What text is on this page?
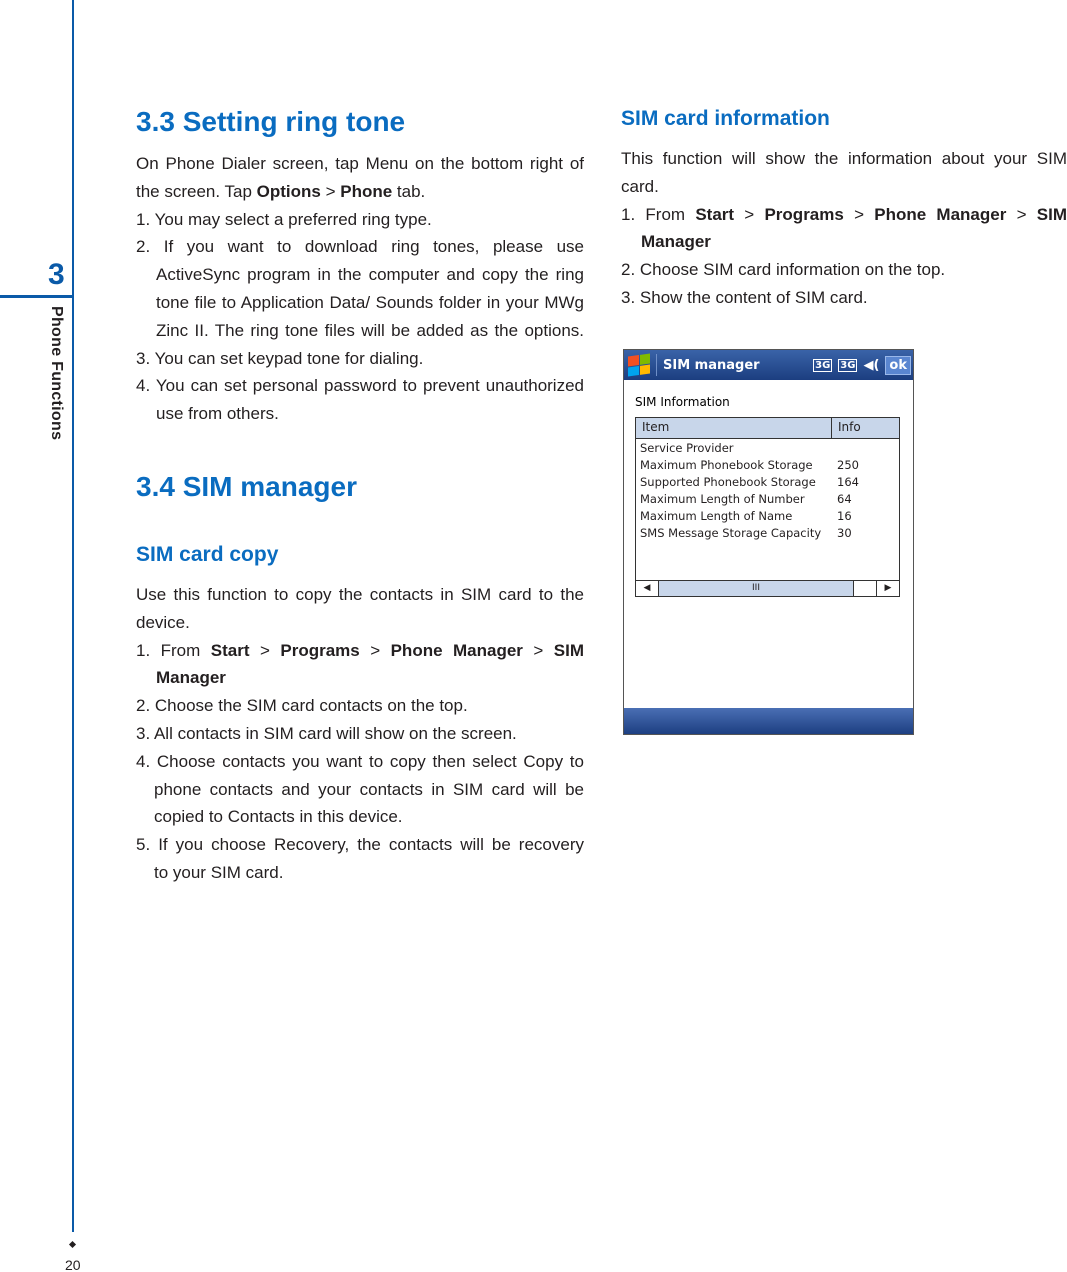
3
Phone Functions
20
3.3 Setting ring tone
On Phone Dialer screen, tap Menu on the bottom right of
the screen. Tap Options > Phone tab.
1. You may select a preferred ring type.
2. If you want to download ring tones, please use
ActiveSync program in the computer and copy the ring
tone file to Application Data/ Sounds folder in your MWg
Zinc II. The ring tone files will be added as the options.
3. You can set keypad tone for dialing.
4. You can set personal password to prevent unauthorized
use from others.
3.4 SIM manager
SIM card copy
Use this function to copy the contacts in SIM card to the
device.
1. From Start > Programs > Phone Manager > SIM
Manager
2. Choose the SIM card contacts on the top.
3. All contacts in SIM card will show on the screen.
4. Choose contacts you want to copy then select Copy to
phone contacts and your contacts in SIM card will be
copied to Contacts in this device.
5. If you choose Recovery, the contacts will be recovery
to your SIM card.
SIM card information
This function will show the information about your SIM
card.
1. From Start > Programs > Phone Manager > SIM
Manager
2. Choose SIM card information on the top.
3. Show the content of SIM card.
SIM manager	3G 3G ◀︎( ok
SIM Information
Item	Info
Service Provider
Maximum Phonebook Storage	250
Supported Phonebook Storage	164
Maximum Length of Number	64
Maximum Length of Name	16
SMS Message Storage Capacity	30
◀	III	▶
